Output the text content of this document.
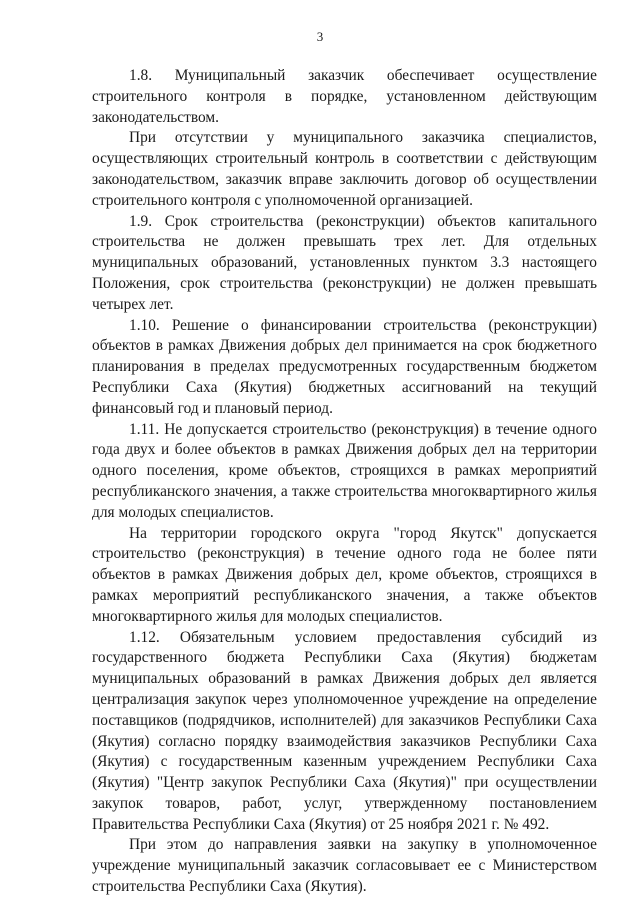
3

1.8. Муниципальный заказчик обеспечивает осуществление строительного контроля в порядке, установленном действующим законодательством.

При отсутствии у муниципального заказчика специалистов, осуществляющих строительный контроль в соответствии с действующим законодательством, заказчик вправе заключить договор об осуществлении строительного контроля с уполномоченной организацией.

1.9. Срок строительства (реконструкции) объектов капитального строительства не должен превышать трех лет. Для отдельных муниципальных образований, установленных пунктом 3.3 настоящего Положения, срок строительства (реконструкции) не должен превышать четырех лет.

1.10. Решение о финансировании строительства (реконструкции) объектов в рамках Движения добрых дел принимается на срок бюджетного планирования в пределах предусмотренных государственным бюджетом Республики Саха (Якутия) бюджетных ассигнований на текущий финансовый год и плановый период.

1.11. Не допускается строительство (реконструкция) в течение одного года двух и более объектов в рамках Движения добрых дел на территории одного поселения, кроме объектов, строящихся в рамках мероприятий республиканского значения, а также строительства многоквартирного жилья для молодых специалистов.

На территории городского округа "город Якутск" допускается строительство (реконструкция) в течение одного года не более пяти объектов в рамках Движения добрых дел, кроме объектов, строящихся в рамках мероприятий республиканского значения, а также объектов многоквартирного жилья для молодых специалистов.

1.12. Обязательным условием предоставления субсидий из государственного бюджета Республики Саха (Якутия) бюджетам муниципальных образований в рамках Движения добрых дел является централизация закупок через уполномоченное учреждение на определение поставщиков (подрядчиков, исполнителей) для заказчиков Республики Саха (Якутия) согласно порядку взаимодействия заказчиков Республики Саха (Якутия) с государственным казенным учреждением Республики Саха (Якутия) "Центр закупок Республики Саха (Якутия)" при осуществлении закупок товаров, работ, услуг, утвержденному постановлением Правительства Республики Саха (Якутия) от 25 ноября 2021 г. № 492.

При этом до направления заявки на закупку в уполномоченное учреждение муниципальный заказчик согласовывает ее с Министерством строительства Республики Саха (Якутия).
